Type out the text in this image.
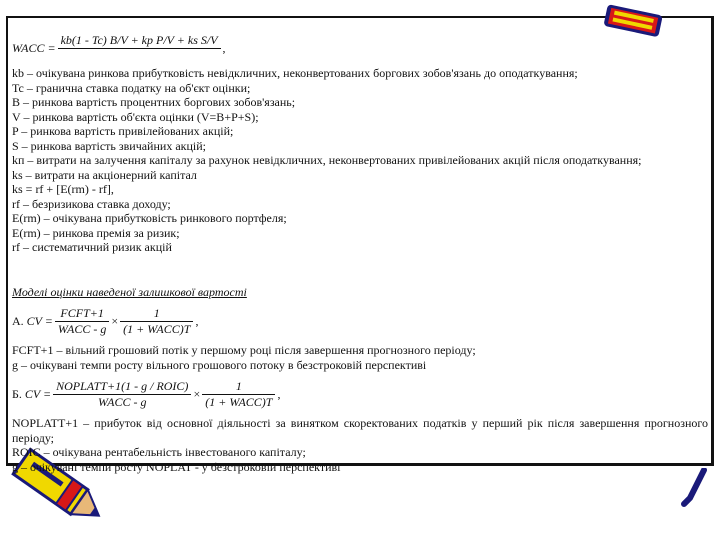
WACC =
kb(1 - Tc) B/V + kp P/V + ks S/V

,
kb – очікувана ринкова прибутковість невідкличних, неконвертованих боргових зобов'язань до оподаткування;
Tc – гранична ставка податку на об'єкт оцінки;
B – ринкова вартість процентних боргових зобов'язань;
V – ринкова вартість об'єкта оцінки (V=B+P+S);
P – ринкова вартість привілейованих акцій;
S – ринкова вартість звичайних акцій;
kп – витрати на залучення капіталу за рахунок невідкличних, неконвертованих привілейованих акцій після оподаткування;
ks – витрати на акціонерний капітал
ks = rf + [E(rm) - rf],
rf – безризикова ставка доходу;
E(rm) – очікувана прибутковість ринкового портфеля;
E(rm) – ринкова премія за ризик;
rf – систематичний ризик акцій
Моделі оцінки наведеної залишкової вартості
А.
CV = $\frac{\text{FCFT+1}}{\text{WACC - g}} \times \frac{1}{\text{(1 + WACC)T}}$ ,
FCFT+1 – вільний грошовий потік у першому році після завершення прогнозного періоду;
g – очікувані темпи росту вільного грошового потоку в безстроковій перспективі
Б.
CV = $\frac{\text{NOPLATT+1(1 - g / ROIC)}}{\text{WACC - g}} \times \frac{1}{\text{(1 + WACC)T}}$ ,
NOPLATT+1 – прибуток від основної діяльності за винятком скоректованих податків у перший рік після завершення прогнозного періоду;
ROIC – очікувана рентабельність інвестованого капіталу;
g – очікувані темпи росту NOPLAT - у безстроковій перспективі
